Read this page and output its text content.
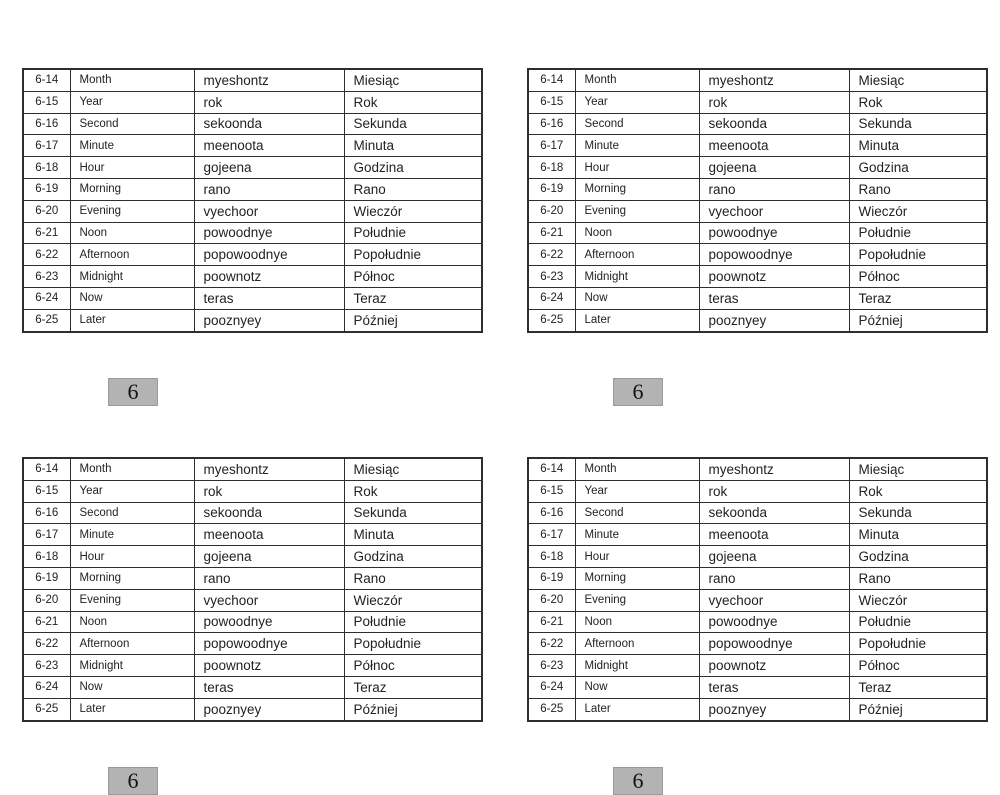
6-14	Month	myeshontz	Miesiąc
6-15	Year	rok	Rok
6-16	Second	sekoonda	Sekunda
6-17	Minute	meenoota	Minuta
6-18	Hour	gojeena	Godzina
6-19	Morning	rano	Rano
6-20	Evening	vyechoor	Wieczór
6-21	Noon	powoodnye	Południe
6-22	Afternoon	popowoodnye	Popołudnie
6-23	Midnight	poownotz	Północ
6-24	Now	teras	Teraz
6-25	Later	pooznyey	Później
6
6-14	Month	myeshontz	Miesiąc
6-15	Year	rok	Rok
6-16	Second	sekoonda	Sekunda
6-17	Minute	meenoota	Minuta
6-18	Hour	gojeena	Godzina
6-19	Morning	rano	Rano
6-20	Evening	vyechoor	Wieczór
6-21	Noon	powoodnye	Południe
6-22	Afternoon	popowoodnye	Popołudnie
6-23	Midnight	poownotz	Północ
6-24	Now	teras	Teraz
6-25	Later	pooznyey	Później
6
6-14	Month	myeshontz	Miesiąc
6-15	Year	rok	Rok
6-16	Second	sekoonda	Sekunda
6-17	Minute	meenoota	Minuta
6-18	Hour	gojeena	Godzina
6-19	Morning	rano	Rano
6-20	Evening	vyechoor	Wieczór
6-21	Noon	powoodnye	Południe
6-22	Afternoon	popowoodnye	Popołudnie
6-23	Midnight	poownotz	Północ
6-24	Now	teras	Teraz
6-25	Later	pooznyey	Później
6
6-14	Month	myeshontz	Miesiąc
6-15	Year	rok	Rok
6-16	Second	sekoonda	Sekunda
6-17	Minute	meenoota	Minuta
6-18	Hour	gojeena	Godzina
6-19	Morning	rano	Rano
6-20	Evening	vyechoor	Wieczór
6-21	Noon	powoodnye	Południe
6-22	Afternoon	popowoodnye	Popołudnie
6-23	Midnight	poownotz	Północ
6-24	Now	teras	Teraz
6-25	Later	pooznyey	Później
6
